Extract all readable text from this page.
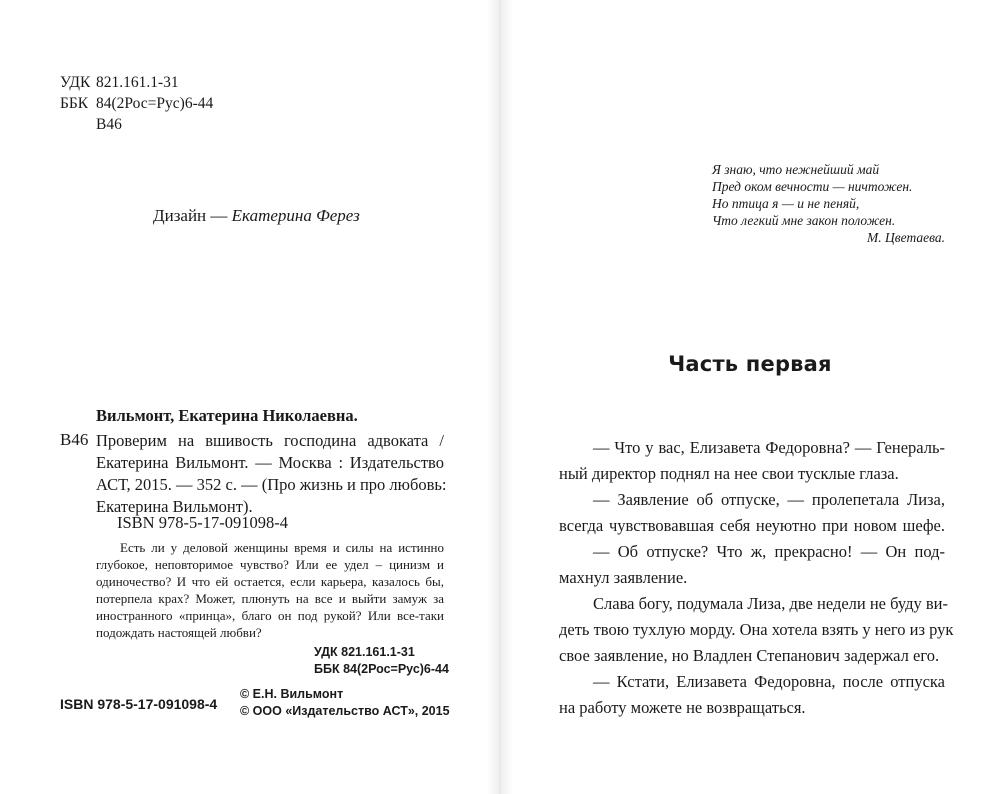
УДК 821.161.1-31
ББК 84(2Рос=Рус)6-44
В46
Дизайн — Екатерина Ферез
Вильмонт, Екатерина Николаевна.
В46 Проверим на вшивость господина адвоката /
Екатерина Вильмонт. — Москва : Издательство
АСТ, 2015. — 352 с. — (Про жизнь и про любовь:
Екатерина Вильмонт).
ISBN 978-5-17-091098-4
Есть ли у деловой женщины время и силы на истинно
глубокое, неповторимое чувство? Или ее удел – цинизм и
одиночество? И что ей остается, если карьера, казалось бы,
потерпела крах? Может, плюнуть на все и выйти замуж за
иностранного «принца», благо он под рукой? Или все-таки
подождать настоящей любви?
УДК 821.161.1-31
ББК 84(2Рос=Рус)6-44
© Е.Н. Вильмонт
© ООО «Издательство АСТ», 2015
ISBN 978-5-17-091098-4
Я знаю, что нежнейший май
Пред оком вечности — ничтожен.
Но птица я — и не пеняй,
Что легкий мне закон положен.
М. Цветаева.
Часть первая
— Что у вас, Елизавета Федоровна? — Генераль-
ный директор поднял на нее свои тусклые глаза.
— Заявление об отпуске, — пролепетала Лиза,
всегда чувствовавшая себя неуютно при новом шефе.
— Об отпуске? Что ж, прекрасно! — Он под-
махнул заявление.
Слава богу, подумала Лиза, две недели не буду ви-
деть твою тухлую морду. Она хотела взять у него из рук
свое заявление, но Владлен Степанович задержал его.
— Кстати, Елизавета Федоровна, после отпуска
на работу можете не возвращаться.
